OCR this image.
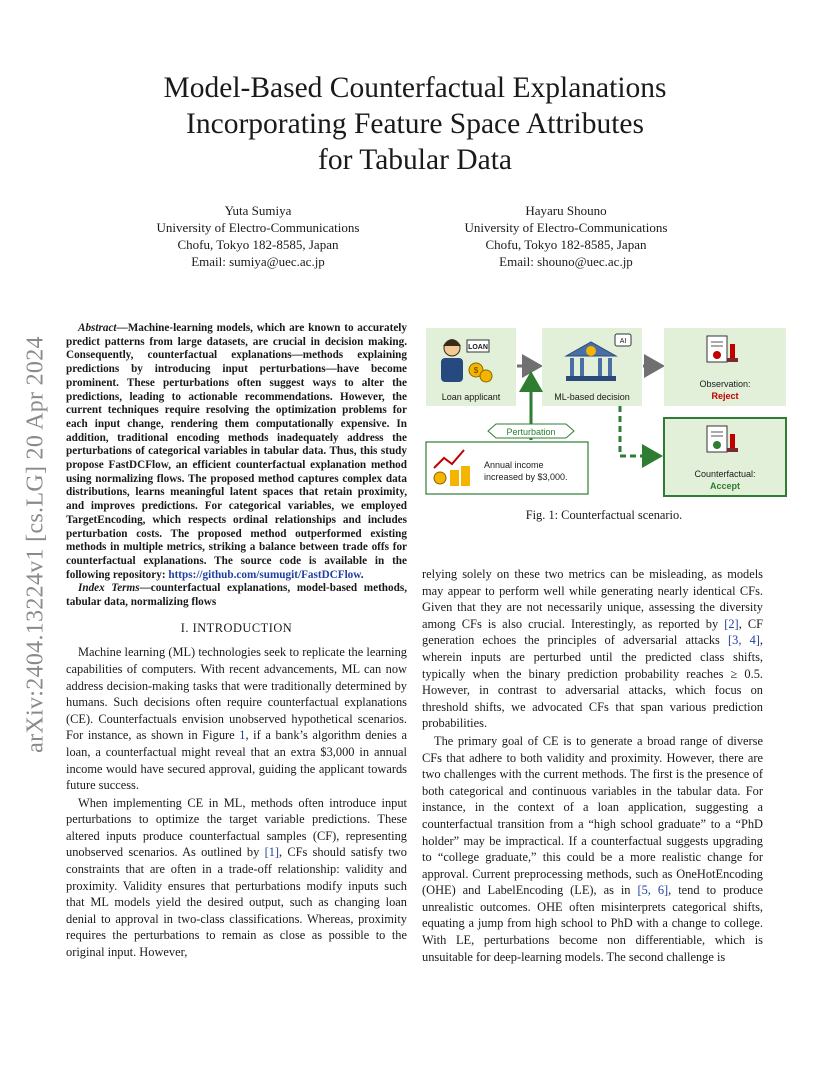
arXiv:2404.13224v1 [cs.LG] 20 Apr 2024
Model-Based Counterfactual Explanations
Incorporating Feature Space Attributes
for Tabular Data
Yuta Sumiya
University of Electro-Communications
Chofu, Tokyo 182-8585, Japan
Email: sumiya@uec.ac.jp
Hayaru Shouno
University of Electro-Communications
Chofu, Tokyo 182-8585, Japan
Email: shouno@uec.ac.jp

Abstract—Machine-learning models, which are known to accurately predict patterns from large datasets, are crucial in decision making. Consequently, counterfactual explanations—methods explaining predictions by introducing input perturbations—have become prominent. These perturbations often suggest ways to alter the predictions, leading to actionable recommendations. However, the current techniques require resolving the optimization problems for each input change, rendering them computationally expensive. In addition, traditional encoding methods inadequately address the perturbations of categorical variables in tabular data. Thus, this study propose FastDCFlow, an efficient counterfactual explanation method using normalizing flows. The proposed method captures complex data distributions, learns meaningful latent spaces that retain proximity, and improves predictions. For categorical variables, we employed TargetEncoding, which respects ordinal relationships and includes perturbation costs. The proposed method outperformed existing methods in multiple metrics, striking a balance between trade offs for counterfactual explanations. The source code is available in the following repository: https://github.com/sumugit/FastDCFlow.

Index Terms—counterfactual explanations, model-based methods, tabular data, normalizing flows

I. INTRODUCTION

Machine learning (ML) technologies seek to replicate the learning capabilities of computers. With recent advancements, ML can now address decision-making tasks that were traditionally determined by humans. Such decisions often require counterfactual explanations (CE). Counterfactuals envision unobserved hypothetical scenarios. For instance, as shown in Figure 1, if a bank’s algorithm denies a loan, a counterfactual might reveal that an extra $3,000 in annual income would have secured approval, guiding the applicant towards future success.

When implementing CE in ML, methods often introduce input perturbations to optimize the target variable predictions. These altered inputs produce counterfactual samples (CF), representing unobserved scenarios. As outlined by [1], CFs should satisfy two constraints that are often in a trade-off relationship: validity and proximity. Validity ensures that perturbations modify inputs such that ML models yield the desired output, such as changing loan denial to approval in two-class classifications. Whereas, proximity requires the perturbations to remain as close as possible to the original input. However,

LOAN
$
Loan applicant
AI
ML-based decision
Observation:
Reject
Perturbation
Annual income
increased by $3,000.	Counterfactual:
Accept
Fig. 1: Counterfactual scenario.

relying solely on these two metrics can be misleading, as models may appear to perform well while generating nearly identical CFs. Given that they are not necessarily unique, assessing the diversity among CFs is also crucial. Interestingly, as reported by [2], CF generation echoes the principles of adversarial attacks [3, 4], wherein inputs are perturbed until the predicted class shifts, typically when the binary prediction probability reaches ≥ 0.5. However, in contrast to adversarial attacks, which focus on threshold shifts, we advocated CFs that span various prediction probabilities.

The primary goal of CE is to generate a broad range of diverse CFs that adhere to both validity and proximity. However, there are two challenges with the current methods. The first is the presence of both categorical and continuous variables in the tabular data. For instance, in the context of a loan application, suggesting a counterfactual transition from a “high school graduate” to a “PhD holder” may be impractical. If a counterfactual suggests upgrading to “college graduate,” this could be a more realistic change for approval. Current preprocessing methods, such as OneHotEncoding (OHE) and LabelEncoding (LE), as in [5, 6], tend to produce unrealistic outcomes. OHE often misinterprets categorical shifts, equating a jump from high school to PhD with a change to college. With LE, perturbations become non differentiable, which is unsuitable for deep-learning models. The second challenge is
